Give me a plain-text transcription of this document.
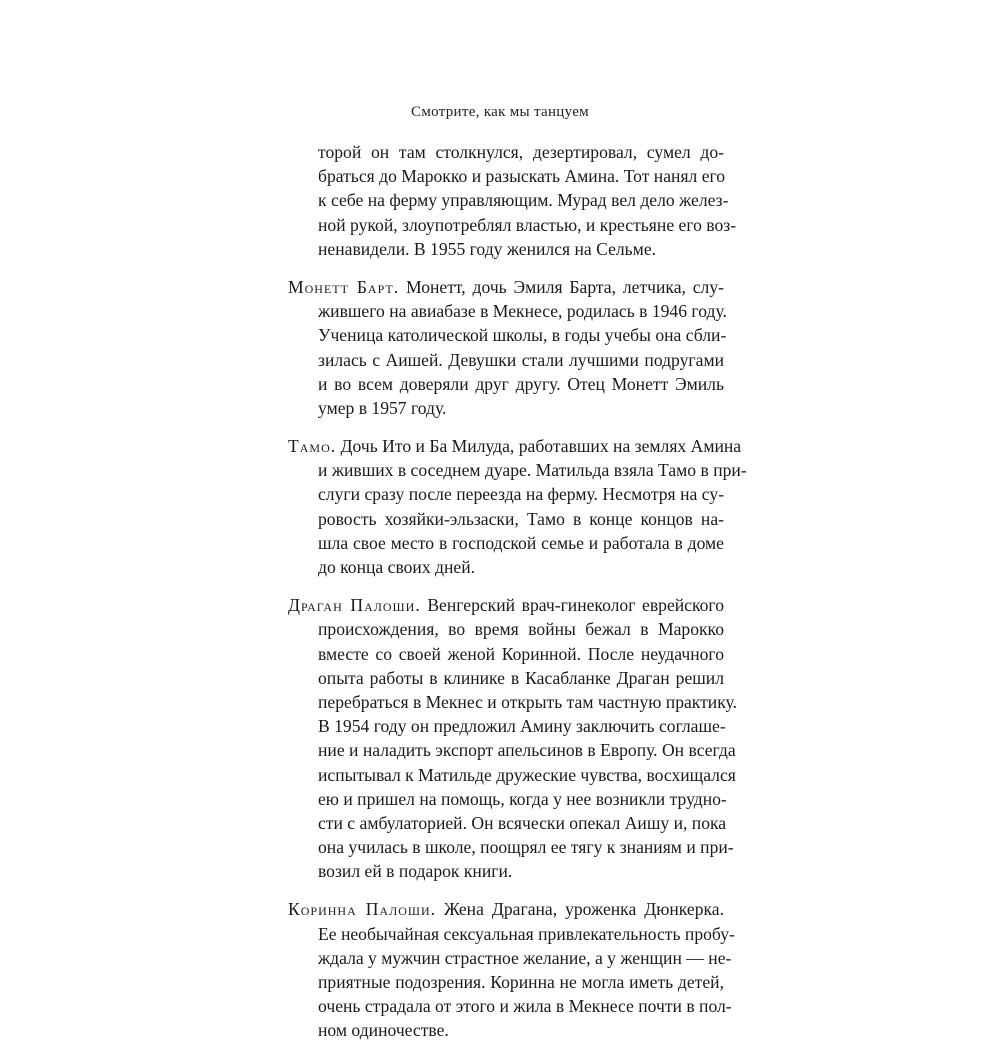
Смотрите, как мы танцуем
торой он там столкнулся, дезертировал, сумел до-
браться до Марокко и разыскать Амина. Тот нанял его
к себе на ферму управляющим. Мурад вел дело желез-
ной рукой, злоупотреблял властью, и крестьяне его воз-
ненавидели. В 1955 году женился на Сельме.
Монетт Барт. Монетт, дочь Эмиля Барта, летчика, слу-
жившего на авиабазе в Мекнесе, родилась в 1946 году.
Ученица католической школы, в годы учебы она сбли-
зилась с Аишей. Девушки стали лучшими подругами
и во всем доверяли друг другу. Отец Монетт Эмиль
умер в 1957 году.
Тамо. Дочь Ито и Ба Милуда, работавших на землях Амина
и живших в соседнем дуаре. Матильда взяла Тамо в при-
слуги сразу после переезда на ферму. Несмотря на су-
ровость хозяйки-эльзаски, Тамо в конце концов на-
шла свое место в господской семье и работала в доме
до конца своих дней.
Драган Палоши. Венгерский врач-гинеколог еврейского
происхождения, во время войны бежал в Марокко
вместе со своей женой Коринной. После неудачного
опыта работы в клинике в Касабланке Драган решил
перебраться в Мекнес и открыть там частную практику.
В 1954 году он предложил Амину заключить соглаше-
ние и наладить экспорт апельсинов в Европу. Он всегда
испытывал к Матильде дружеские чувства, восхищался
ею и пришел на помощь, когда у нее возникли трудно-
сти с амбулаторией. Он всячески опекал Аишу и, пока
она училась в школе, поощрял ее тягу к знаниям и при-
возил ей в подарок книги.
Коринна Палоши. Жена Драгана, уроженка Дюнкерка.
Ее необычайная сексуальная привлекательность пробу-
ждала у мужчин страстное желание, а у женщин — не-
приятные подозрения. Коринна не могла иметь детей,
очень страдала от этого и жила в Мекнесе почти в пол-
ном одиночестве.
